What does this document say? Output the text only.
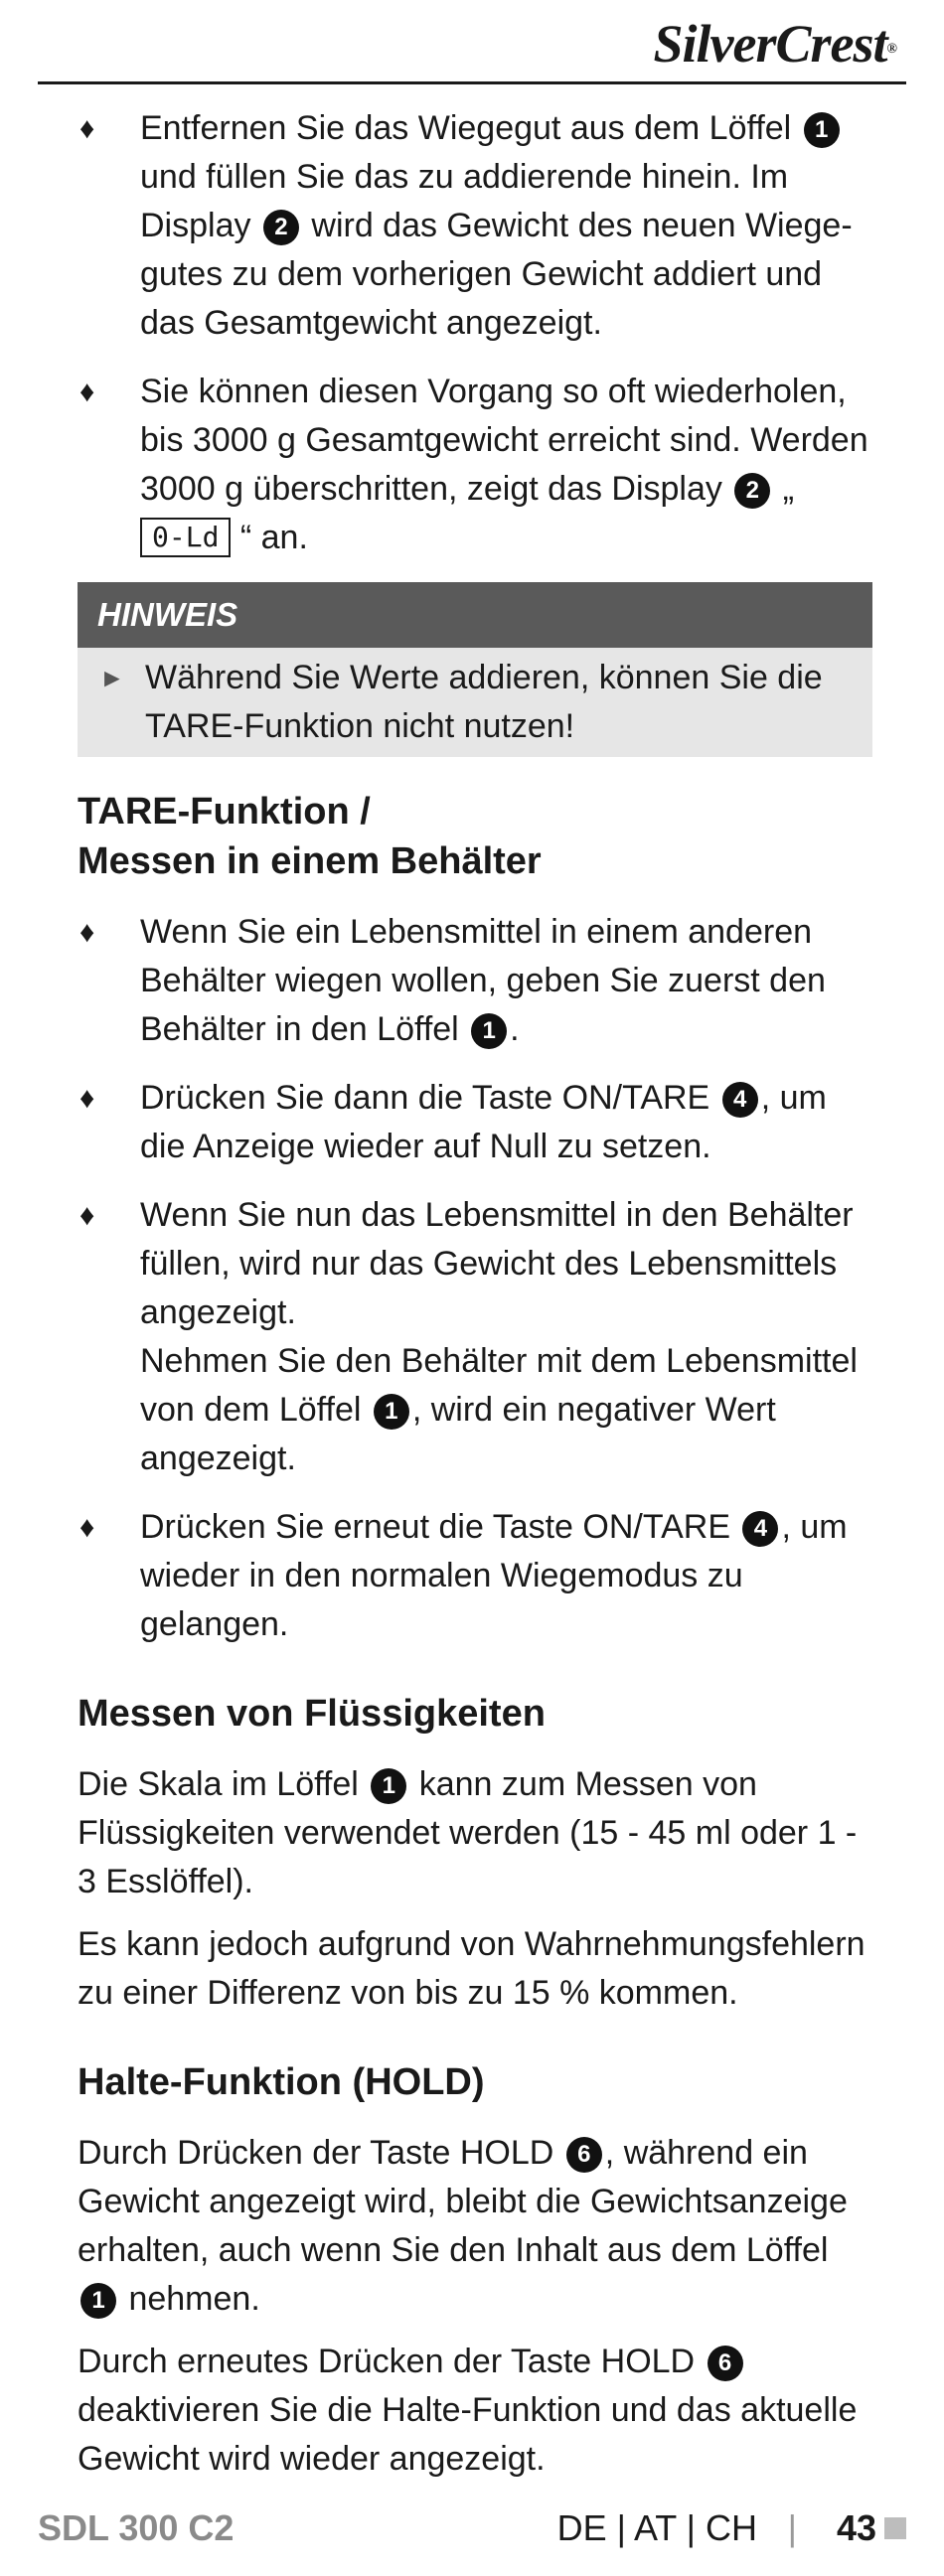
SilverCrest®
♦ Entfernen Sie das Wiegegut aus dem Löffel 1 und füllen Sie das zu addierende hinein. Im Display 2 wird das Gewicht des neuen Wiegegutes zu dem vorherigen Gewicht addiert und das Gesamtgewicht angezeigt.
♦ Sie können diesen Vorgang so oft wiederholen, bis 3000 g Gesamtgewicht erreicht sind. Werden 3000 g überschritten, zeigt das Display 2 „ 0-Ld “ an.
HINWEIS
► Während Sie Werte addieren, können Sie die TARE-Funktion nicht nutzen!
TARE-Funktion /
Messen in einem Behälter
♦ Wenn Sie ein Lebensmittel in einem anderen Behälter wiegen wollen, geben Sie zuerst den Behälter in den Löffel 1 .
♦ Drücken Sie dann die Taste ON/TARE 4 , um die Anzeige wieder auf Null zu setzen.
♦ Wenn Sie nun das Lebensmittel in den Behälter füllen, wird nur das Gewicht des Lebensmittels angezeigt.
Nehmen Sie den Behälter mit dem Lebensmittel von dem Löffel 1 , wird ein negativer Wert angezeigt.
♦ Drücken Sie erneut die Taste ON/TARE 4 , um wieder in den normalen Wiegemodus zu gelangen.
Messen von Flüssigkeiten

Die Skala im Löffel 1 kann zum Messen von Flüssigkeiten verwendet werden (15 - 45 ml oder 1 - 3 Esslöffel).

Es kann jedoch aufgrund von Wahrnehmungsfehlern zu einer Differenz von bis zu 15 % kommen.

Halte-Funktion (HOLD)

Durch Drücken der Taste HOLD 6 , während ein Gewicht angezeigt wird, bleibt die Gewichtsanzeige erhalten, auch wenn Sie den Inhalt aus dem Löffel 1 nehmen.

Durch erneutes Drücken der Taste HOLD 6 deaktivieren Sie die Halte-Funktion und das aktuelle Gewicht wird wieder angezeigt.

SDL 300 C2	DE | AT | CH | 43
